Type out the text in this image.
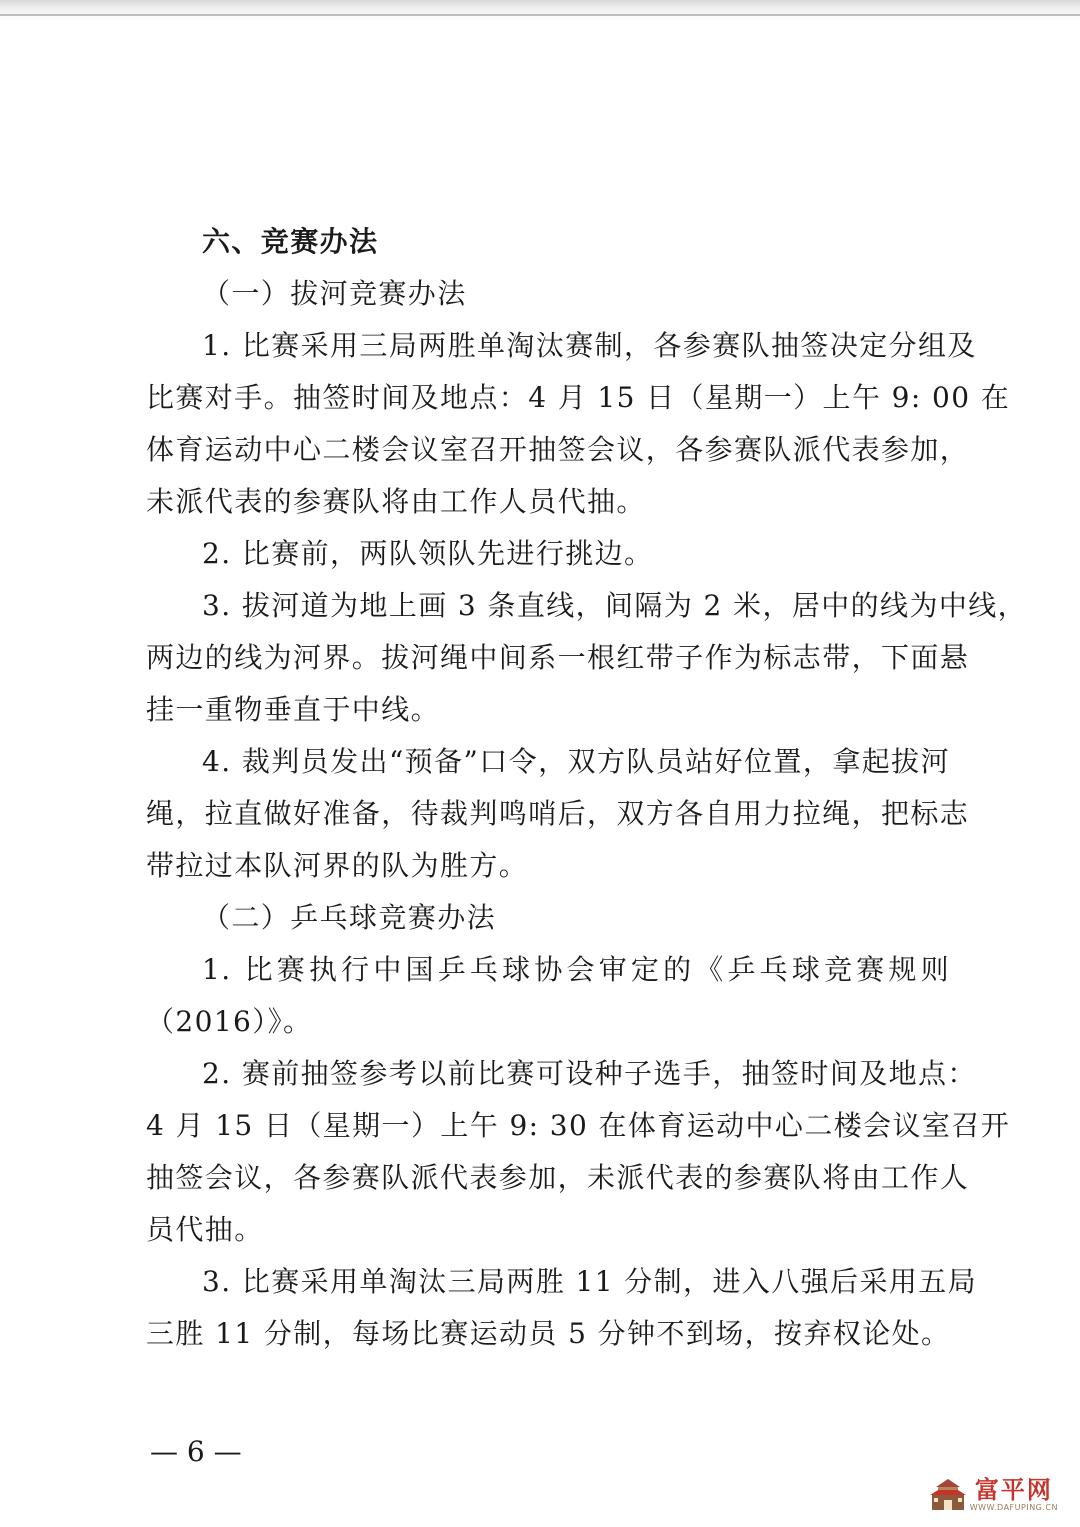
六、竞赛办法

（一）拔河竞赛办法

1. 比赛采用三局两胜单淘汰赛制，各参赛队抽签决定分组及

比赛对手。抽签时间及地点：4 月 15 日（星期一）上午 9: 00 在

体育运动中心二楼会议室召开抽签会议，各参赛队派代表参加，

未派代表的参赛队将由工作人员代抽。

2. 比赛前，两队领队先进行挑边。

3. 拔河道为地上画 3 条直线，间隔为 2 米，居中的线为中线，

两边的线为河界。拔河绳中间系一根红带子作为标志带，下面悬

挂一重物垂直于中线。

4. 裁判员发出“预备”口令，双方队员站好位置，拿起拔河

绳，拉直做好准备，待裁判鸣哨后，双方各自用力拉绳，把标志

带拉过本队河界的队为胜方。

（二）乒乓球竞赛办法

1. 比赛执行中国乒乓球协会审定的《乒乓球竞赛规则

（2016）》。

2. 赛前抽签参考以前比赛可设种子选手，抽签时间及地点：

4 月 15 日（星期一）上午 9: 30 在体育运动中心二楼会议室召开

抽签会议，各参赛队派代表参加，未派代表的参赛队将由工作人

员代抽。

3. 比赛采用单淘汰三局两胜 11 分制，进入八强后采用五局

三胜 11 分制，每场比赛运动员 5 分钟不到场，按弃权论处。

— 6 —
富平网
WWW.DAFUPING.CN
